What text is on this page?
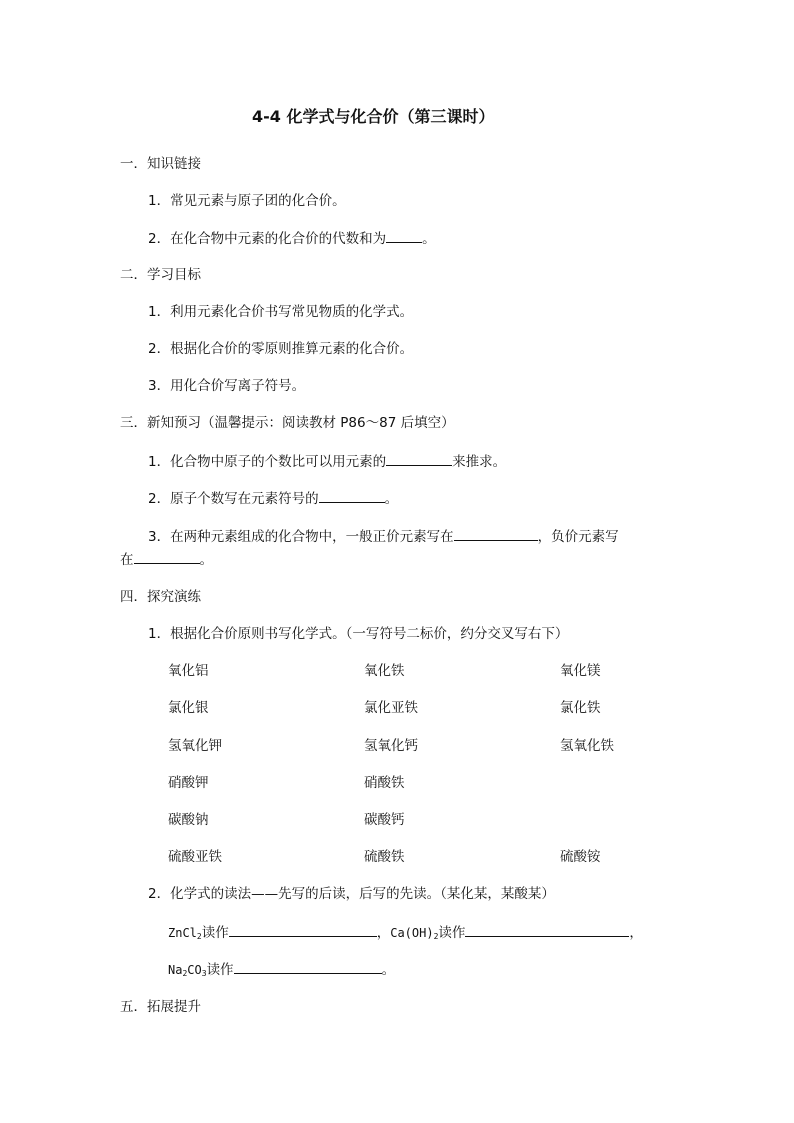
4-4 化学式与化合价（第三课时）
一．知识链接
1．常见元素与原子团的化合价。
2．在化合物中元素的化合价的代数和为	。
二．学习目标
1．利用元素化合价书写常见物质的化学式。
2．根据化合价的零原则推算元素的化合价。
3．用化合价写离子符号。
三．新知预习（温馨提示：阅读教材 P86～87 后填空）
1．化合物中原子的个数比可以用元素的	来推求。
2．原子个数写在元素符号的	。
3．在两种元素组成的化合物中，一般正价元素写在	，负价元素写
在	。
四．探究演练
1．根据化合价原则书写化学式。（一写符号二标价，约分交叉写右下）
氧化铝	氧化铁	氧化镁
氯化银	氯化亚铁	氯化铁
氢氧化钾	氢氧化钙	氢氧化铁
硝酸钾	硝酸铁
碳酸钠	碳酸钙
硫酸亚铁	硫酸铁	硫酸铵
2．化学式的读法——先写的后读，后写的先读。（某化某，某酸某）
ZnCl$_2$读作	，$Ca(OH)_2$读作	，
$Na_2CO_3$读作	。
五．拓展提升
